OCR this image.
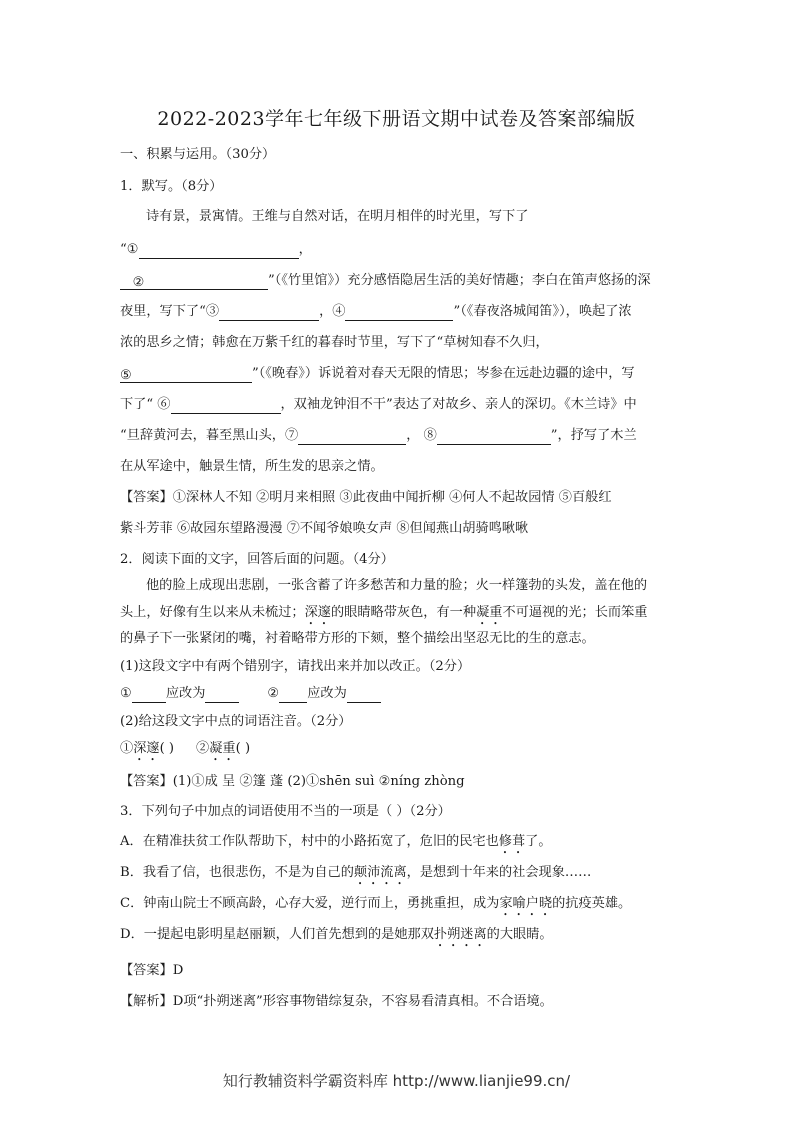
2022-2023学年七年级下册语文期中试卷及答案部编版
一、积累与运用。（30分）
1．默写。（8分）
诗有景，景寓情。王维与自然对话，在明月相伴的时光里，写下了
“①	，
②	”（《竹里馆》）充分感悟隐居生活的美好情趣；李白在笛声悠扬的深
夜里，写下了“③	，④	”（《春夜洛城闻笛》），唤起了浓
浓的思乡之情；韩愈在万紫千红的暮春时节里，写下了“草树知春不久归，
⑤	”（《晚春》）诉说着对春天无限的情思；岑参在远赴边疆的途中，写
下了“ ⑥	，双袖龙钟泪不干”表达了对故乡、亲人的深切。《木兰诗》中
“旦辞黄河去，暮至黑山头，⑦	， ⑧	”，抒写了木兰
在从军途中，触景生情，所生发的思亲之情。
【答案】①深林人不知 ②明月来相照 ③此夜曲中闻折柳 ④何人不起故园情 ⑤百般红
紫斗芳菲 ⑥故园东望路漫漫 ⑦不闻爷娘唤女声 ⑧但闻燕山胡骑鸣啾啾
2．阅读下面的文字，回答后面的问题。（4分）
他的脸上成现出悲剧，一张含蓄了许多愁苦和力量的脸；火一样篷勃的头发，盖在他的
头上，好像有生以来从未梳过；深邃的眼睛略带灰色，有一种凝重不可逼视的光；长而笨重
的鼻子下一张紧闭的嘴，衬着略带方形的下颏，整个描绘出坚忍无比的生的意志。
(1)这段文字中有两个错别字，请找出来并加以改正。（2分）
①	应改为	② 应改为
(2)给这段文字中点的词语注音。（2分）
①深邃( ) ②凝重( )
【答案】(1)①成 呈 ②篷 蓬 (2)①shēn suì ②níng zhòng
3．下列句子中加点的词语使用不当的一项是（ ）（2分）
A．在精准扶贫工作队帮助下，村中的小路拓宽了，危旧的民宅也修葺了。
B．我看了信，也很悲伤，不是为自己的颠沛流离，是想到十年来的社会现象……
C．钟南山院士不顾高龄，心存大爱，逆行而上，勇挑重担，成为家喻户晓的抗疫英雄。
D．一提起电影明星赵丽颖，人们首先想到的是她那双扑朔迷离的大眼睛。
【答案】D
【解析】D项“扑朔迷离”形容事物错综复杂，不容易看清真相。不合语境。
知行教辅资料学霸资料库 http://www.lianjie99.cn/
